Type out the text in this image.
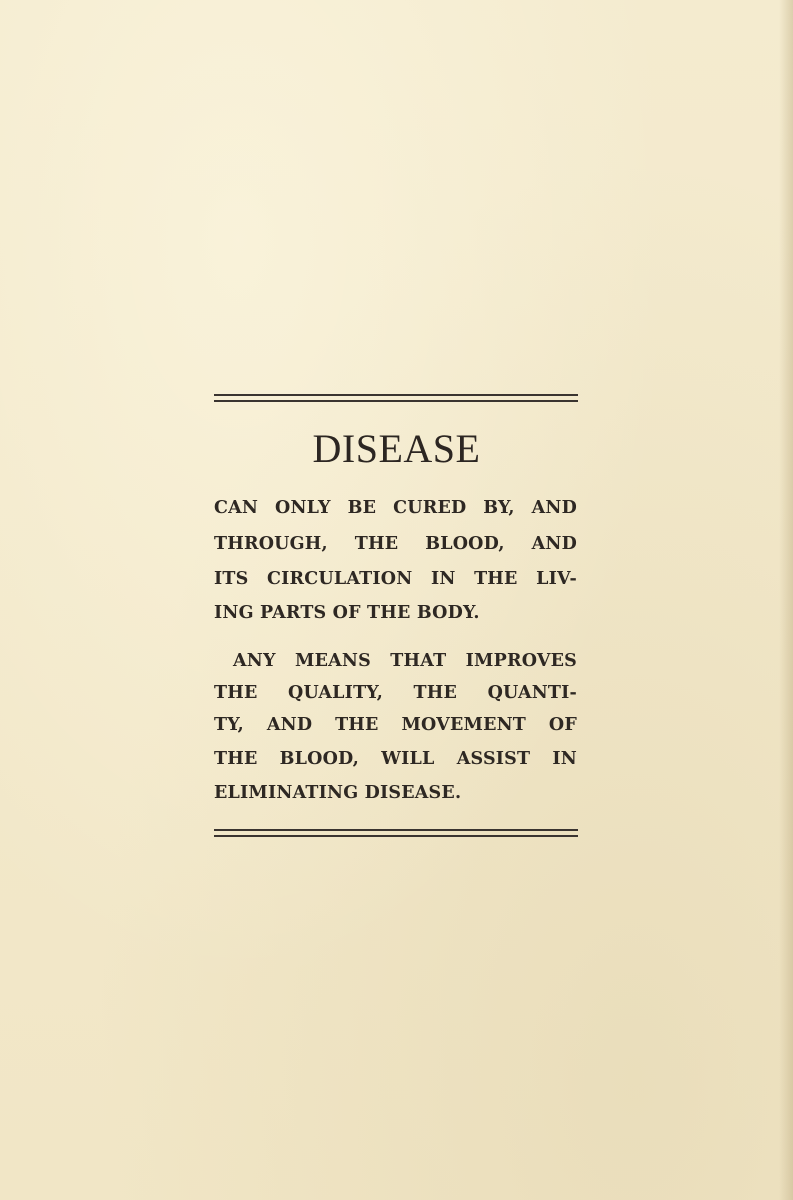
DISEASE
CAN ONLY BE CURED BY, AND
THROUGH, THE BLOOD, AND
ITS CIRCULATION IN THE LIV-
ING PARTS OF THE BODY.
ANY MEANS THAT IMPROVES
THE QUALITY, THE QUANTI-
TY, AND THE MOVEMENT OF
THE BLOOD, WILL ASSIST IN
ELIMINATING DISEASE.
